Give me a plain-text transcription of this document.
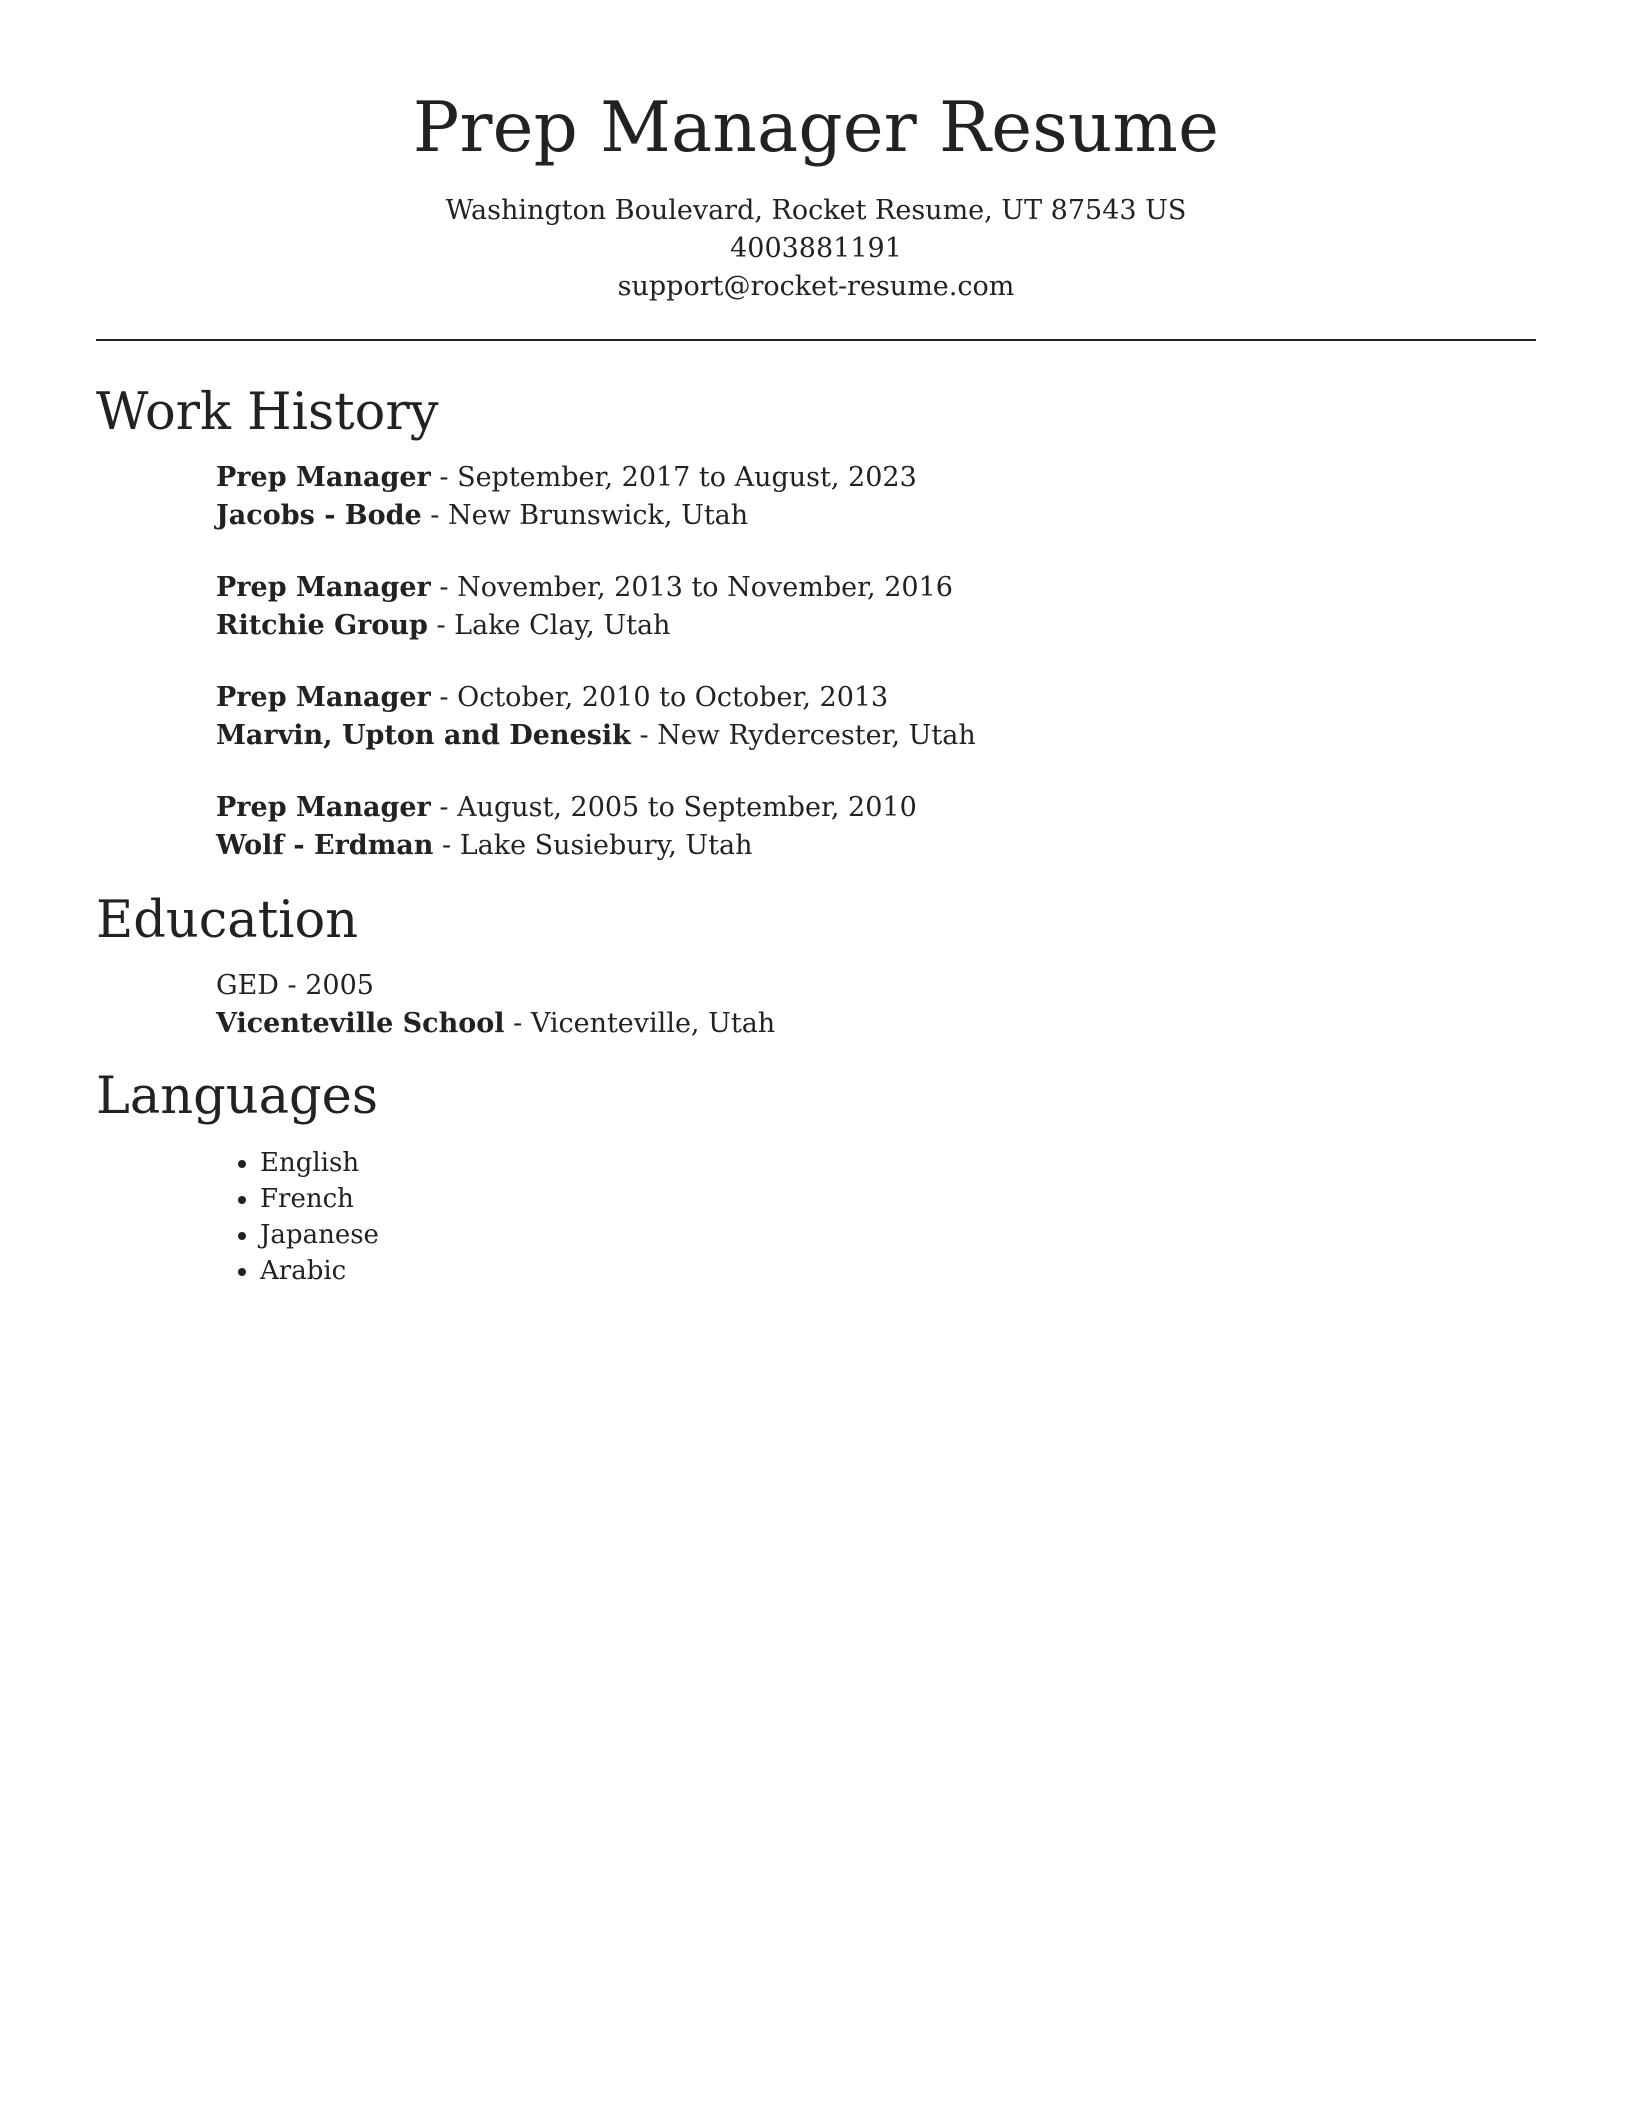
Prep Manager Resume
Washington Boulevard, Rocket Resume, UT 87543 US
4003881191
support@rocket-resume.com
Work History
Prep Manager - September, 2017 to August, 2023
Jacobs - Bode - New Brunswick, Utah
Prep Manager - November, 2013 to November, 2016
Ritchie Group - Lake Clay, Utah
Prep Manager - October, 2010 to October, 2013
Marvin, Upton and Denesik - New Rydercester, Utah
Prep Manager - August, 2005 to September, 2010
Wolf - Erdman - Lake Susiebury, Utah
Education
GED - 2005
Vicenteville School - Vicenteville, Utah
Languages
• English
• French
• Japanese
• Arabic
